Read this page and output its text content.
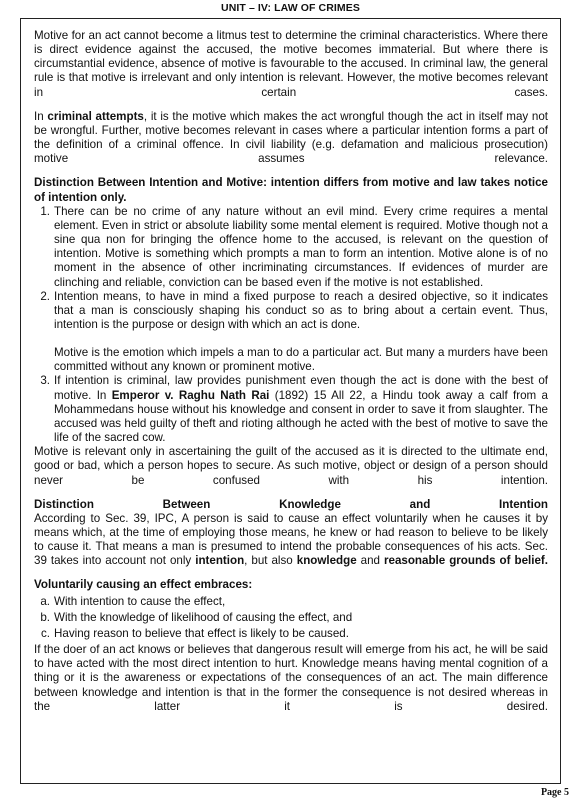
UNIT – IV: LAW OF CRIMES
Page 5

Motive for an act cannot become a litmus test to determine the criminal characteristics. Where there is direct evidence against the accused, the motive becomes immaterial. But where there is circumstantial evidence, absence of motive is favourable to the accused. In criminal law, the general rule is that motive is irrelevant and only intention is relevant. However, the motive becomes relevant in certain cases.

In criminal attempts, it is the motive which makes the act wrongful though the act in itself may not be wrongful. Further, motive becomes relevant in cases where a particular intention forms a part of the definition of a criminal offence. In civil liability (e.g. defamation and malicious prosecution) motive assumes relevance.

Distinction Between Intention and Motive: intention differs from motive and law takes notice of intention only.

1. There can be no crime of any nature without an evil mind. Every crime requires a mental element. Even in strict or absolute liability some mental element is required. Motive though not a sine qua non for bringing the offence home to the accused, is relevant on the question of intention. Motive is something which prompts a man to form an intention. Motive alone is of no moment in the absence of other incriminating circumstances. If evidences of murder are clinching and reliable, conviction can be based even if the motive is not established.
2. Intention means, to have in mind a fixed purpose to reach a desired objective, so it indicates that a man is consciously shaping his conduct so as to bring about a certain event. Thus, intention is the purpose or design with which an act is done.
Motive is the emotion which impels a man to do a particular act. But many a murders have been committed without any known or prominent motive.
3. If intention is criminal, law provides punishment even though the act is done with the best of motive. In Emperor v. Raghu Nath Rai (1892) 15 All 22, a Hindu took away a calf from a Mohammedans house without his knowledge and consent in order to save it from slaughter. The accused was held guilty of theft and rioting although he acted with the best of motive to save the life of the sacred cow.

Motive is relevant only in ascertaining the guilt of the accused as it is directed to the ultimate end, good or bad, which a person hopes to secure. As such motive, object or design of a person should never be confused with his intention.

Distinction Between Knowledge and Intention

According to Sec. 39, IPC, A person is said to cause an effect voluntarily when he causes it by means which, at the time of employing those means, he knew or had reason to believe to be likely to cause it. That means a man is presumed to intend the probable consequences of his acts. Sec. 39 takes into account not only intention, but also knowledge and reasonable grounds of belief.

Voluntarily causing an effect embraces:

a. With intention to cause the effect,
b. With the knowledge of likelihood of causing the effect, and
c. Having reason to believe that effect is likely to be caused.

If the doer of an act knows or believes that dangerous result will emerge from his act, he will be said to have acted with the most direct intention to hurt. Knowledge means having mental cognition of a thing or it is the awareness or expectations of the consequences of an act. The main difference between knowledge and intention is that in the former the consequence is not desired whereas in the latter it is desired.
